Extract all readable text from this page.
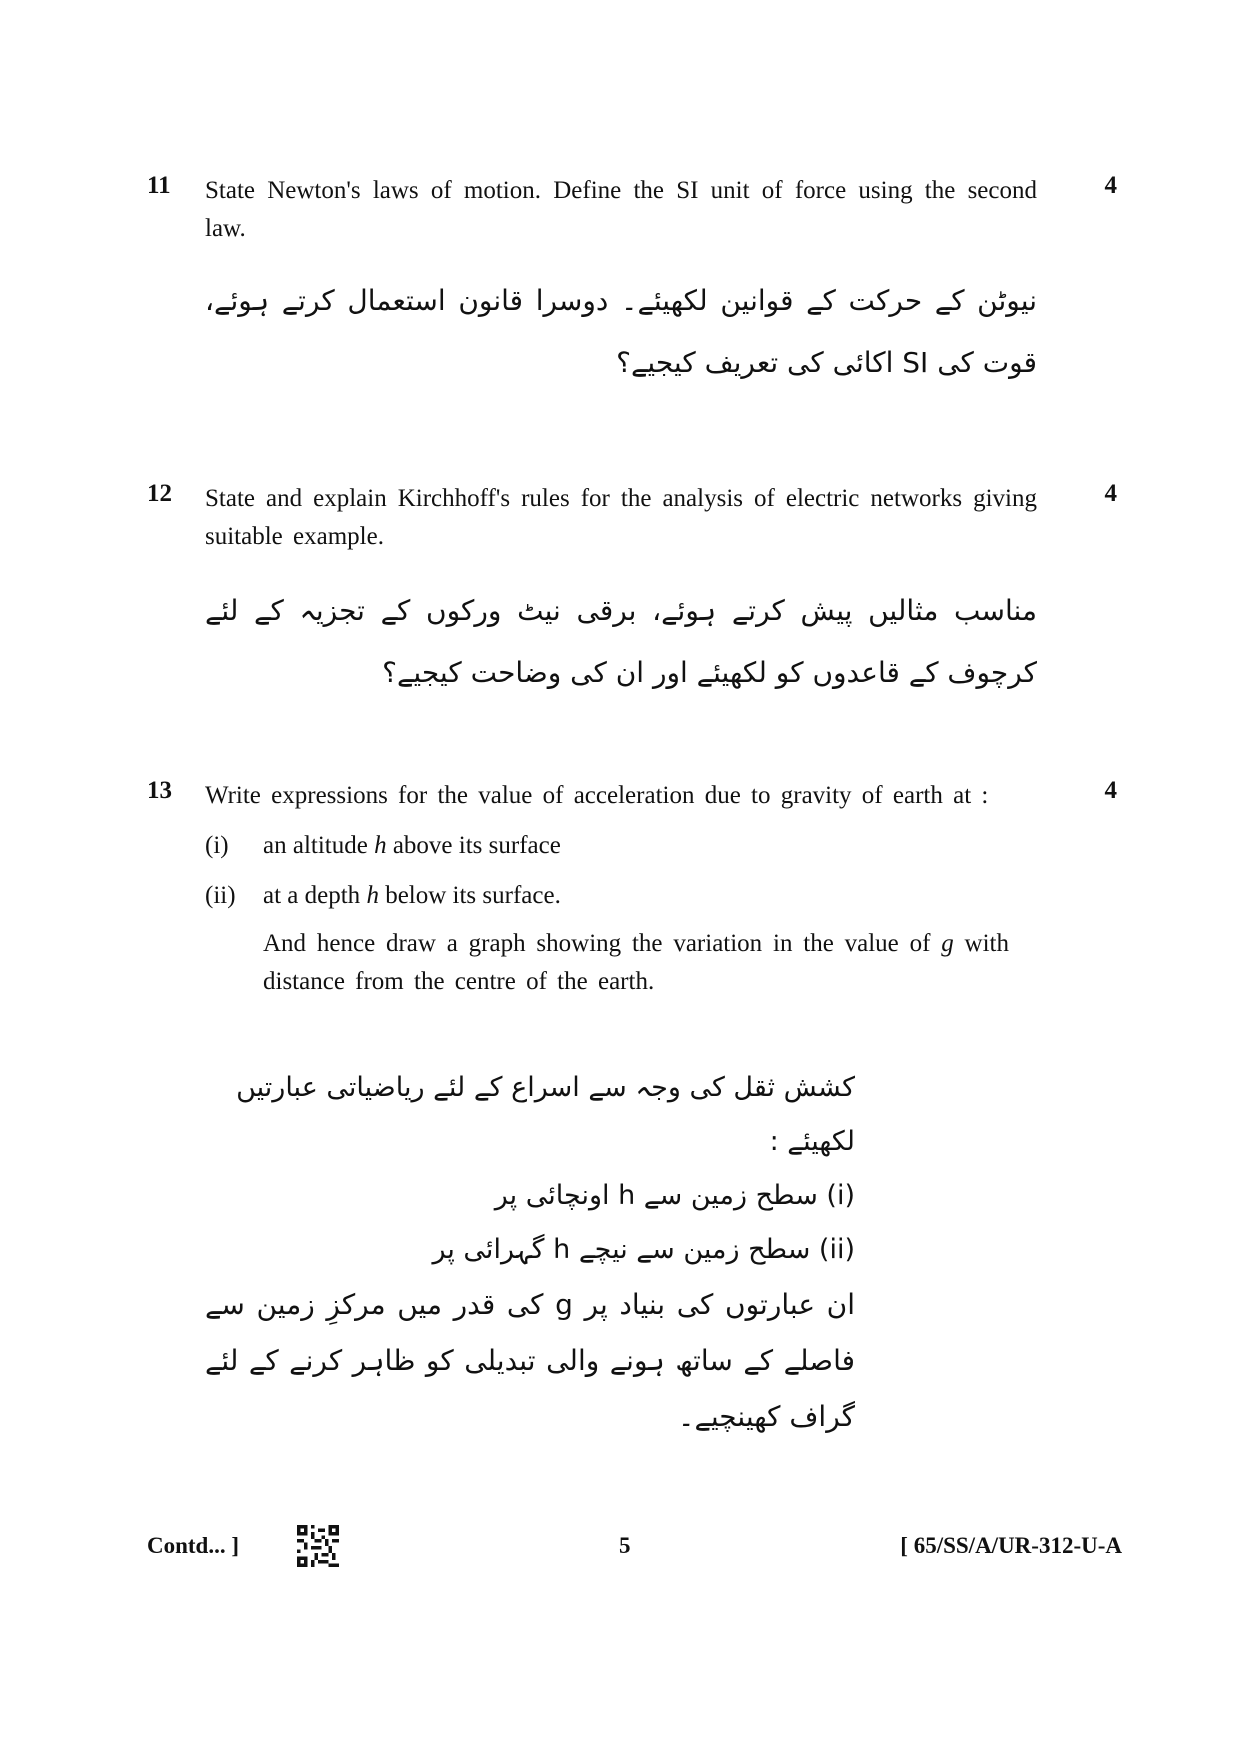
11 State Newton's laws of motion. Define the SI unit of force using the second law.
4
نیوٹن کے حرکت کے قوانین لکھیئے۔ دوسرا قانون استعمال کرتے ہوئے، قوت کی SI اکائی کی تعریف کیجیے؟
12 State and explain Kirchhoff's rules for the analysis of electric networks giving suitable example.
4
مناسب مثالیں پیش کرتے ہوئے، برقی نیٹ ورکوں کے تجزیہ کے لئے کرچوف کے قاعدوں کو لکھیئے اور ان کی وضاحت کیجیے؟
13 Write expressions for the value of acceleration due to gravity of earth at :	4
(i) an altitude h above its surface
(ii) at a depth h below its surface.
And hence draw a graph showing the variation in the value of g with distance from the centre of the earth.
کشش ثقل کی وجہ سے اسراع کے لئے ریاضیاتی عبارتیں لکھیئے :
(i) سطح زمین سے h اونچائی پر
(ii) سطح زمین سے نیچے h گہرائی پر
ان عبارتوں کی بنیاد پر g کی قدر میں مرکزِ زمین سے فاصلے کے ساتھ ہونے والی تبدیلی کو ظاہر کرنے کے لئے گراف کھینچیے۔
Contd... ]	5	[ 65/SS/A/UR-312-U-A
